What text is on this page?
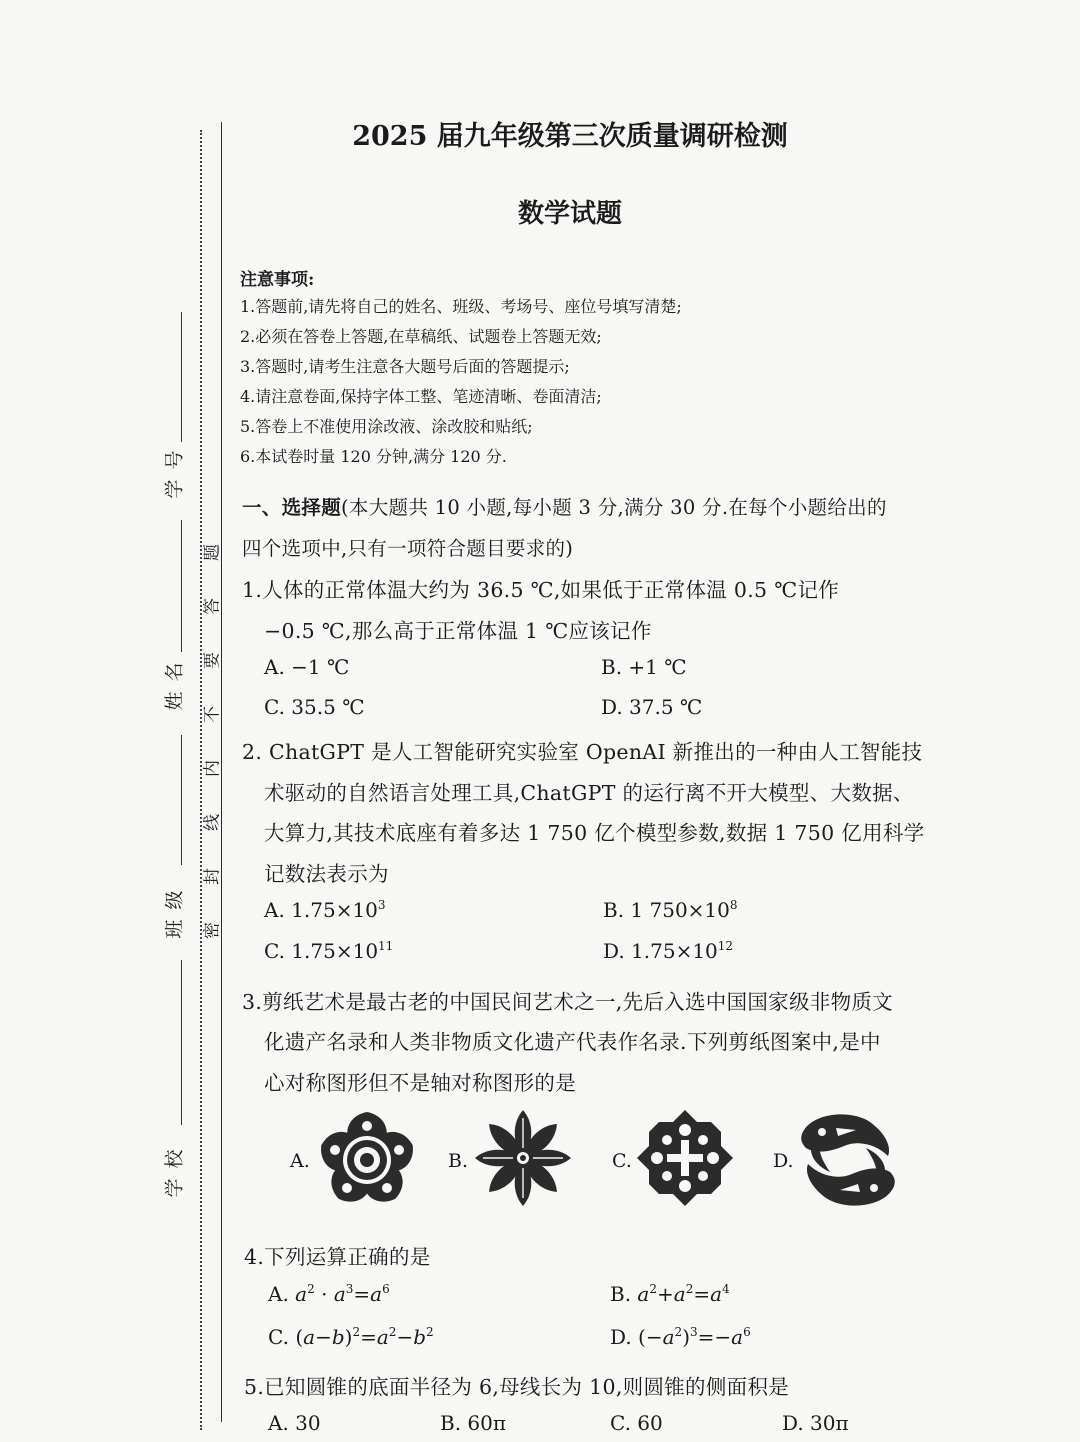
学 号
姓 名
班 级
学 校
密
封
线
内
不
要
答
题
2025 届九年级第三次质量调研检测
数学试题
注意事项:
1.答题前,请先将自己的姓名、班级、考场号、座位号填写清楚;
2.必须在答卷上答题,在草稿纸、试题卷上答题无效;
3.答题时,请考生注意各大题号后面的答题提示;
4.请注意卷面,保持字体工整、笔迹清晰、卷面清洁;
5.答卷上不准使用涂改液、涂改胶和贴纸;
6.本试卷时量 120 分钟,满分 120 分.
一、选择题(本大题共 10 小题,每小题 3 分,满分 30 分.在每个小题给出的
四个选项中,只有一项符合题目要求的)
1.人体的正常体温大约为 36.5 ℃,如果低于正常体温 0.5 ℃记作
−0.5 ℃,那么高于正常体温 1 ℃应该记作
A. −1 ℃	B. +1 ℃
C. 35.5 ℃	D. 37.5 ℃
2. ChatGPT 是人工智能研究实验室 OpenAI 新推出的一种由人工智能技
术驱动的自然语言处理工具,ChatGPT 的运行离不开大模型、大数据、
大算力,其技术底座有着多达 1 750 亿个模型参数,数据 1 750 亿用科学
记数法表示为
A. $1.75\times 10^3$	B. 1 $750\times 10^8$
C. $1.75\times 10^{11}$	D. $1.75\times 10^{12}$
3.剪纸艺术是最古老的中国民间艺术之一,先后入选中国国家级非物质文
化遗产名录和人类非物质文化遗产代表作名录.下列剪纸图案中,是中
心对称图形但不是轴对称图形的是
A.	B.	C.	D.
4.下列运算正确的是
A. $a^2 \cdot a^3=a^6$	B. $a^2+a^2=a^4$
C. $(a-b)^2=a^2-b^2$	D. $(-a^2)^3=-a^6$
5.已知圆锥的底面半径为 6,母线长为 10,则圆锥的侧面积是
A. 30	B. 60π	C. 60	D. 30π
